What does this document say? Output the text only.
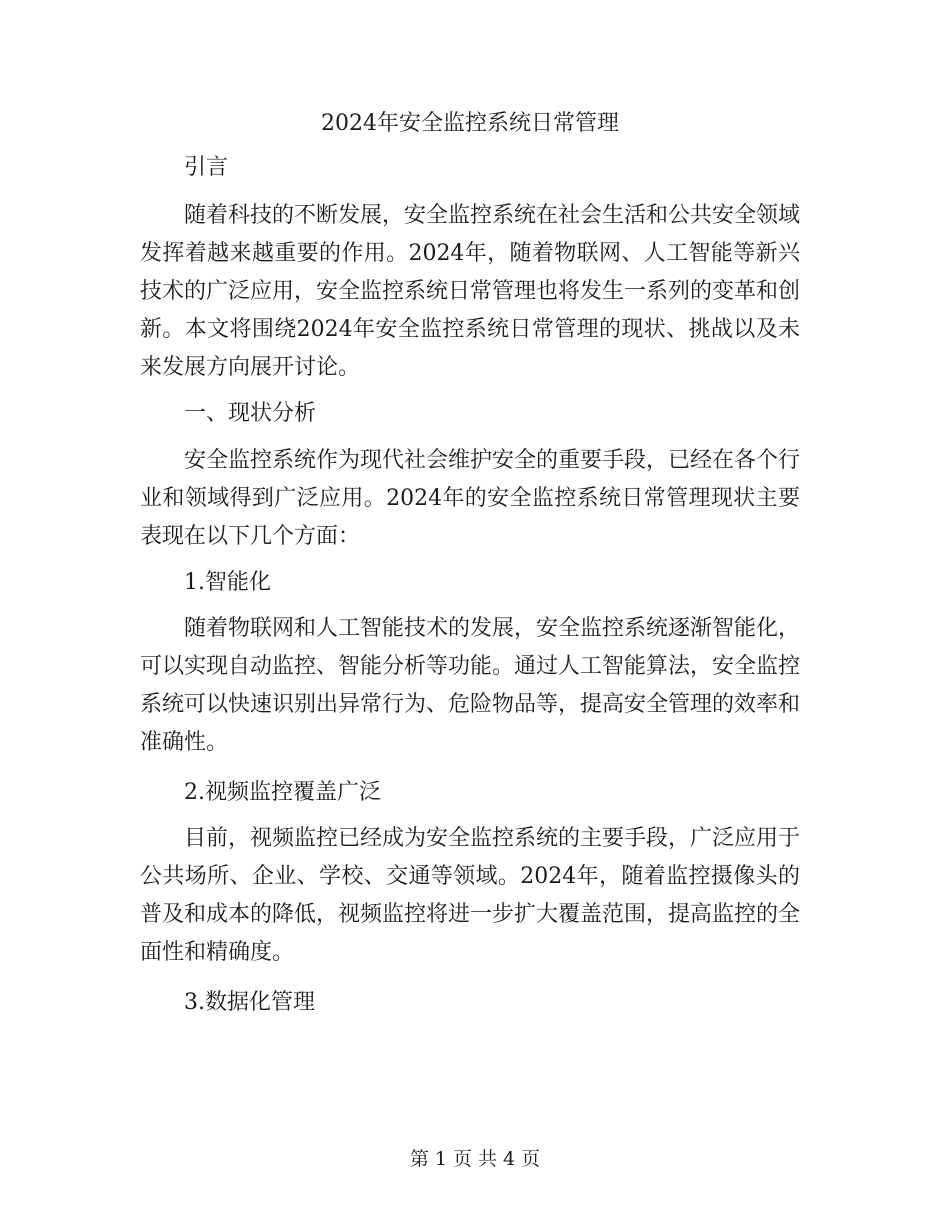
2024年安全监控系统日常管理

引言

随着科技的不断发展，安全监控系统在社会生活和公共安全领域发挥着越来越重要的作用。2024年，随着物联网、人工智能等新兴技术的广泛应用，安全监控系统日常管理也将发生一系列的变革和创新。本文将围绕2024年安全监控系统日常管理的现状、挑战以及未来发展方向展开讨论。

一、现状分析

安全监控系统作为现代社会维护安全的重要手段，已经在各个行业和领域得到广泛应用。2024年的安全监控系统日常管理现状主要表现在以下几个方面：

1.智能化

随着物联网和人工智能技术的发展，安全监控系统逐渐智能化，可以实现自动监控、智能分析等功能。通过人工智能算法，安全监控系统可以快速识别出异常行为、危险物品等，提高安全管理的效率和准确性。

2.视频监控覆盖广泛

目前，视频监控已经成为安全监控系统的主要手段，广泛应用于公共场所、企业、学校、交通等领域。2024年，随着监控摄像头的普及和成本的降低，视频监控将进一步扩大覆盖范围，提高监控的全面性和精确度。

3.数据化管理

第 1 页 共 4 页
